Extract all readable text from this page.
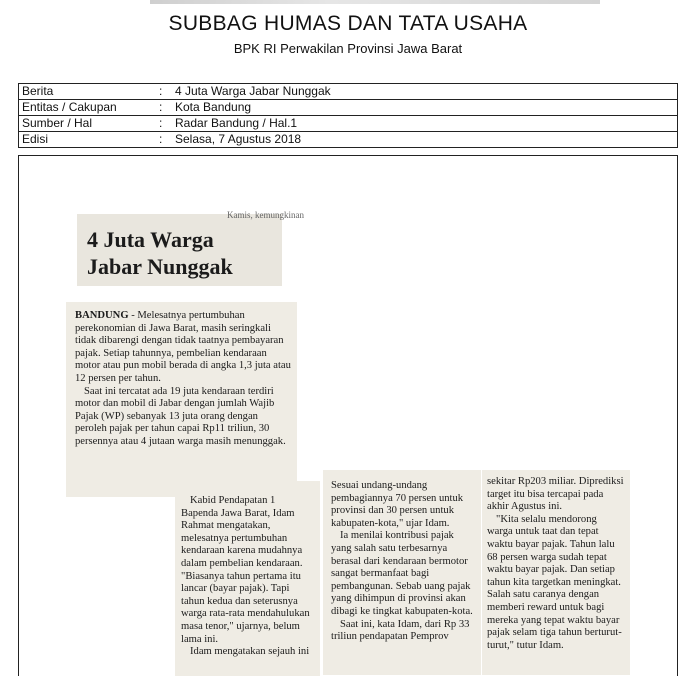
SUBBAG HUMAS DAN TATA USAHA
BPK RI Perwakilan Provinsi Jawa Barat
Berita	:	4 Juta Warga Jabar Nunggak
Entitas / Cakupan	:	Kota Bandung
Sumber / Hal	:	Radar Bandung / Hal.1
Edisi	:	Selasa, 7 Agustus 2018
Kamis, kemungkinan
4 Juta Warga
Jabar Nunggak

BANDUNG - Melesatnya pertumbuhan perekonomian di Jawa Barat, masih seringkali tidak dibarengi dengan tidak taatnya pembayaran pajak. Setiap tahunnya, pembelian kendaraan motor atau pun mobil berada di angka 1,3 juta atau 12 persen per tahun.

Saat ini tercatat ada 19 juta kendaraan terdiri motor dan mobil di Jabar dengan jumlah Wajib Pajak (WP) sebanyak 13 juta orang dengan peroleh pajak per tahun capai Rp11 triliun, 30 persennya atau 4 jutaan warga masih menunggak.

Kabid Pendapatan 1 Bapenda Jawa Barat, Idam Rahmat mengatakan, melesatnya pertumbuhan kendaraan karena mudahnya dalam pembelian kendaraan. "Biasanya tahun pertama itu lancar (bayar pajak). Tapi tahun kedua dan seterusnya warga rata-rata mendahulukan masa tenor," ujarnya, belum lama ini.

Idam mengatakan sejauh ini

Sesuai undang-undang pembagiannya 70 persen untuk provinsi dan 30 persen untuk kabupaten-kota," ujar Idam.

Ia menilai kontribusi pajak yang salah satu terbesarnya berasal dari kendaraan bermotor sangat bermanfaat bagi pembangunan. Sebab uang pajak yang dihimpun di provinsi akan dibagi ke tingkat kabupaten-kota.

Saat ini, kata Idam, dari Rp 33 triliun pendapatan Pemprov

sekitar Rp203 miliar. Diprediksi target itu bisa tercapai pada akhir Agustus ini.

"Kita selalu mendorong warga untuk taat dan tepat waktu bayar pajak. Tahun lalu 68 persen warga sudah tepat waktu bayar pajak. Dan setiap tahun kita targetkan meningkat. Salah satu caranya dengan memberi reward untuk bagi mereka yang tepat waktu bayar pajak selam tiga tahun berturut-turut," tutur Idam.
